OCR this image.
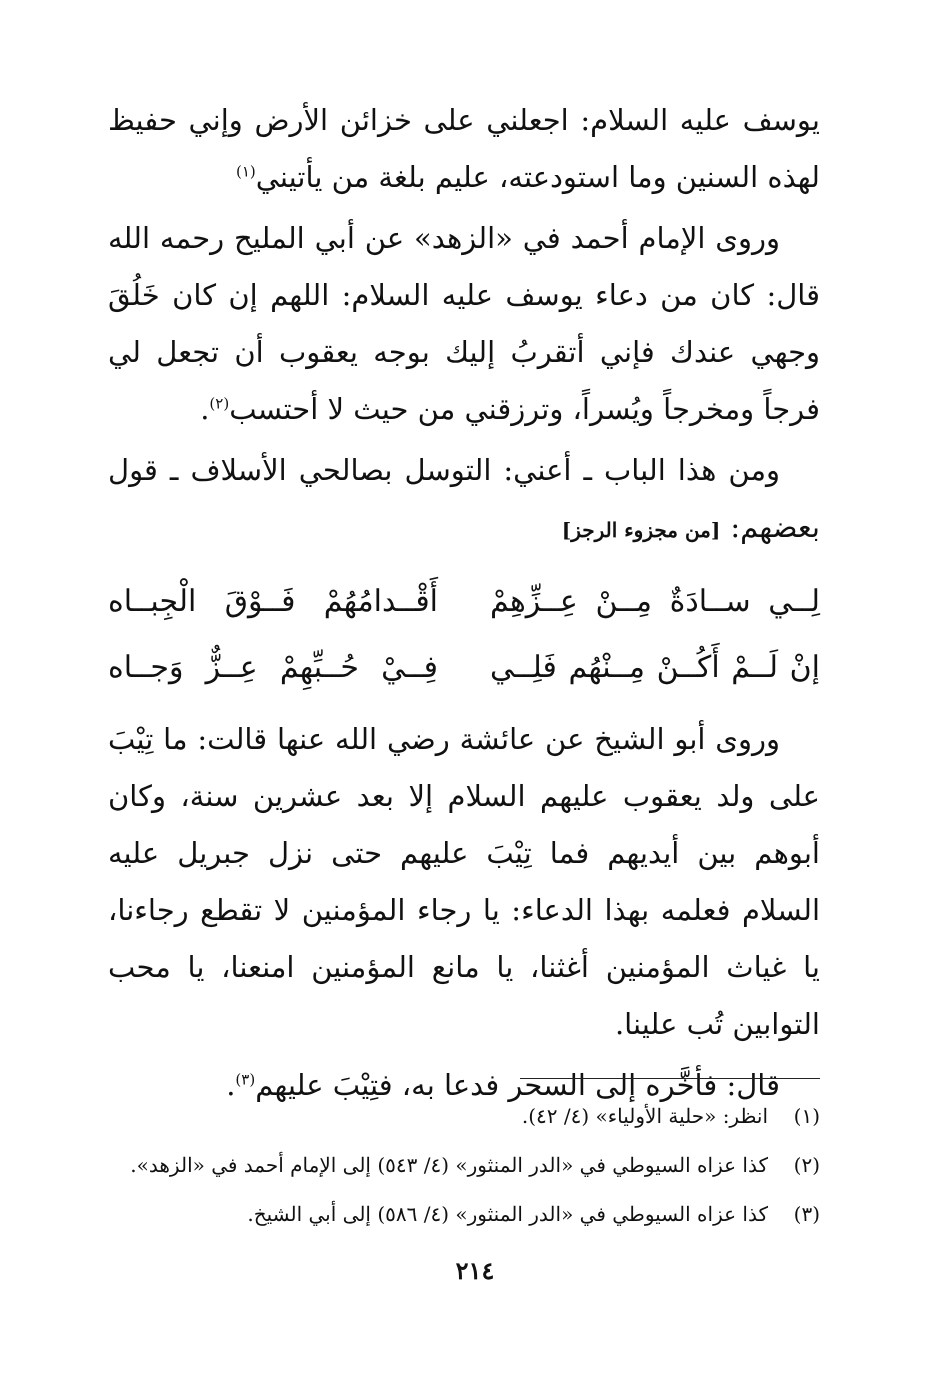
يوسف عليه السلام: اجعلني على خزائن الأرض وإني حفيظ لهذه السنين وما استودعته، عليم بلغة من يأتيني$^{(١)}$

وروى الإمام أحمد في «الزهد» عن أبي المليح رحمه الله قال: كان من دعاء يوسف عليه السلام: اللهم إن كان خَلُقَ وجهي عندك فإني أتقربُ إليك بوجه يعقوب أن تجعل لي فرجاً ومخرجاً ويُسراً، وترزقني من حيث لا أحتسب$^{(٢)}$.

ومن هذا الباب ـ أعني: التوسل بصالحي الأسلاف ـ قول بعضهم:[من مجزوء الرجز]

لِــي ســادَةٌ مِــنْ عِــزِّهِمْ
أَقْــدامُهُمْ فَــوْقَ الْجِبــاه
إنْ لَــمْ أَكُــنْ مِــنْهُم فَلِــي
فِــيْ حُــبِّهِمْ عِــزٌّ وَجــاه

وروى أبو الشيخ عن عائشة رضي الله عنها قالت: ما تِيْبَ على ولد يعقوب عليهم السلام إلا بعد عشرين سنة، وكان أبوهم بين أيديهم فما تِيْبَ عليهم حتى نزل جبريل عليه السلام فعلمه بهذا الدعاء: يا رجاء المؤمنين لا تقطع رجاءنا، يا غياث المؤمنين أغثنا، يا مانع المؤمنين امنعنا، يا محب التوابين تُب علينا.

قال: فأخَّره إلى السحر فدعا به، فتِيْبَ عليهم$^{(٣)}$.

(١)انظر: «حلية الأولياء» (٤/ ٤٢).

(٢)كذا عزاه السيوطي في «الدر المنثور» (٤/ ٥٤٣) إلى الإمام أحمد في «الزهد».

(٣)كذا عزاه السيوطي في «الدر المنثور» (٤/ ٥٨٦) إلى أبي الشيخ.

٢١٤
